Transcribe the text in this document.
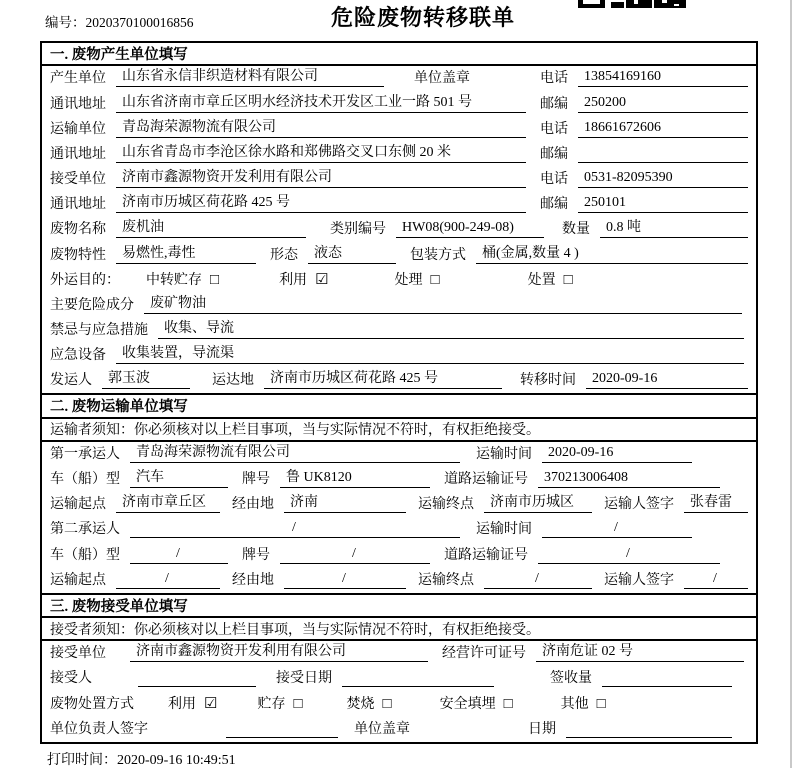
编号：2020370100016856	危险废物转移联单
一. 废物产生单位填写
产生单位	山东省永信非织造材料有限公司	单位盖章	电话	13854169160
通讯地址	山东省济南市章丘区明水经济技术开发区工业一路 501 号	邮编	250200
运输单位	青岛海荣源物流有限公司	电话	18661672606
通讯地址	山东省青岛市李沧区徐水路和郑佛路交叉口东侧 20 米	邮编
接受单位	济南市鑫源物资开发利用有限公司	电话	0531-82095390
通讯地址	济南市历城区荷花路 425 号	邮编	250101
废物名称	废机油	类别编号	HW08(900-249-08)	数量	0.8 吨
废物特性	易燃性,毒性	形态	液态	包装方式	桶(金属,数量 4 )
外运目的： 中转贮存 □	利用 ☑	处理 □	处置 □
主要危险成分	废矿物油
禁忌与应急措施	收集、导流
应急设备	收集装置，导流渠
发运人	郭玉波	运达地	济南市历城区荷花路 425 号	转移时间	2020-09-16
二. 废物运输单位填写
运输者须知：你必须核对以上栏目事项，当与实际情况不符时，有权拒绝接受。
第一承运人	青岛海荣源物流有限公司	运输时间	2020-09-16
车（船）型	汽车	牌号	鲁 UK8120	道路运输证号	370213006408
运输起点	济南市章丘区	经由地	济南	运输终点	济南市历城区	运输人签字	张春雷
第二承运人	/	运输时间	/
车（船）型	/	牌号	/	道路运输证号	/
运输起点	/	经由地	/	运输终点	/	运输人签字	/
三. 废物接受单位填写
接受者须知：你必须核对以上栏目事项，当与实际情况不符时，有权拒绝接受。
接受单位	济南市鑫源物资开发利用有限公司	经营许可证号	济南危证 02 号
接受人	接受日期	签收量
废物处置方式 利用 ☑	贮存 □	焚烧 □	安全填埋 □	其他 □
单位负责人签字	单位盖章	日期
打印时间：2020-09-16 10:49:51
